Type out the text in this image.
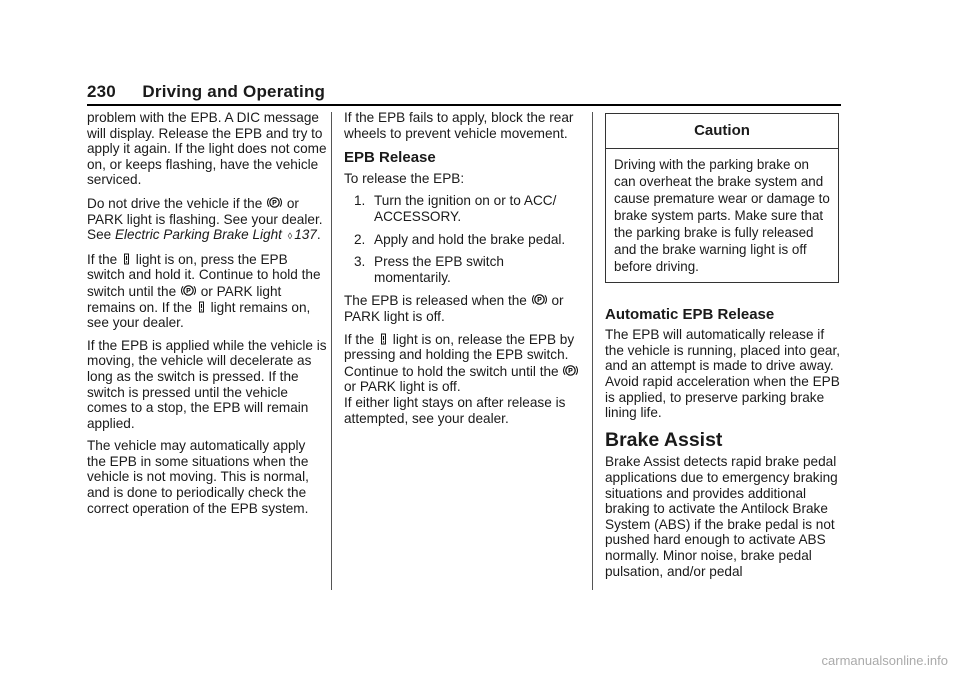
230 Driving and Operating

problem with the EPB. A DIC message will display. Release the EPB and try to apply it again. If the light does not come on, or keeps flashing, have the vehicle serviced.

Do not drive the vehicle if the P or PARK light is flashing. See your dealer. See Electric Parking Brake Light ◊ 137.

If the light is on, press the EPB switch and hold it. Continue to hold the switch until the P or PARK light remains on. If the light remains on, see your dealer.

If the EPB is applied while the vehicle is moving, the vehicle will decelerate as long as the switch is pressed. If the switch is pressed until the vehicle comes to a stop, the EPB will remain applied.

The vehicle may automatically apply the EPB in some situations when the vehicle is not moving. This is normal, and is done to periodically check the correct operation of the EPB system.

If the EPB fails to apply, block the rear wheels to prevent vehicle movement.

EPB Release

To release the EPB:

1. Turn the ignition on or to ACC/ ACCESSORY.
2. Apply and hold the brake pedal.
3. Press the EPB switch momentarily.

The EPB is released when the P or PARK light is off.

If the light is on, release the EPB by pressing and holding the EPB switch. Continue to hold the switch until the P
or PARK light is off.

If either light stays on after release is attempted, see your dealer.

Caution
Driving with the parking brake on can overheat the brake system and cause premature wear or damage to brake system parts. Make sure that the parking brake is fully released and the brake warning light is off before driving.
Automatic EPB Release

The EPB will automatically release if the vehicle is running, placed into gear, and an attempt is made to drive away. Avoid rapid acceleration when the EPB is applied, to preserve parking brake lining life.

Brake Assist

Brake Assist detects rapid brake pedal applications due to emergency braking situations and provides additional braking to activate the Antilock Brake System (ABS) if the brake pedal is not pushed hard enough to activate ABS normally. Minor noise, brake pedal pulsation, and/or pedal

carmanualsonline.info
